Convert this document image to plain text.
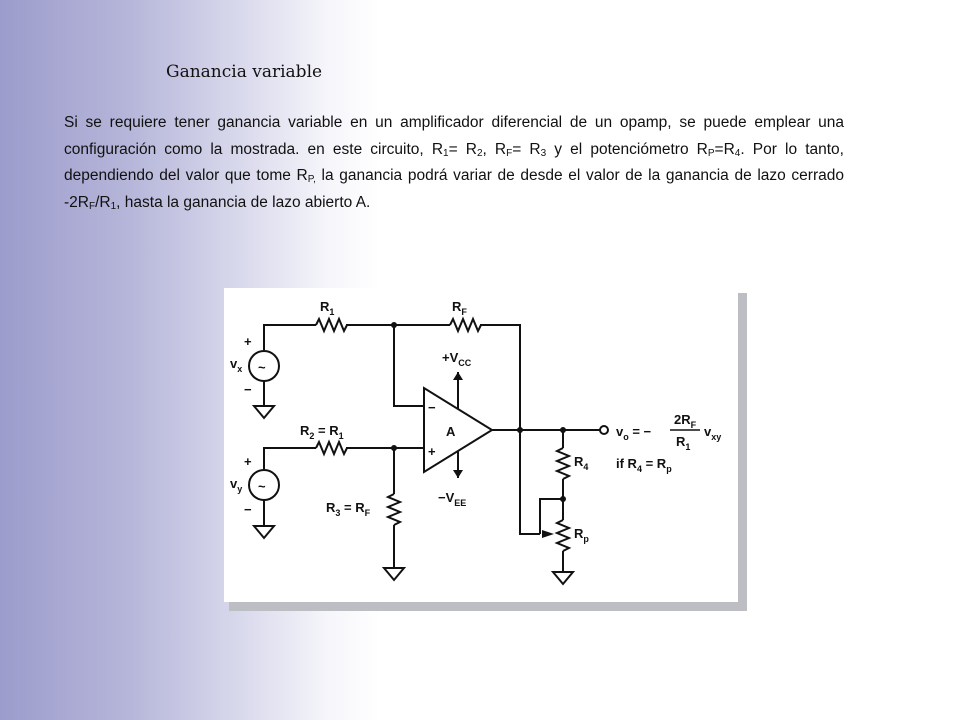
Ganancia variable
Si se requiere tener ganancia variable en un amplificador diferencial de un opamp, se puede emplear una configuración como la mostrada. en este circuito, $R_1= R_2$, $R_F= R_3$ y el potenciómetro $R_P=R_4$. Por lo tanto, dependiendo del valor que tome $R_{P,}$ la ganancia podrá variar de desde el valor de la ganancia de lazo cerrado $-2R_F/R_1$, hasta la ganancia de lazo abierto A.
~
~
$R_1$	$R_F$
$+V_{CC}$
$-V_{EE}$
A
−
+
$R_2 = R_1$
$R_3 = R_F$
$v_x$
$v_y$
+
−
+
−
$R_4$
$R_p$
$v_o$ = −
$2R_F$
$R_1$
$v_{xy}$
if $R_4 = R_p$
